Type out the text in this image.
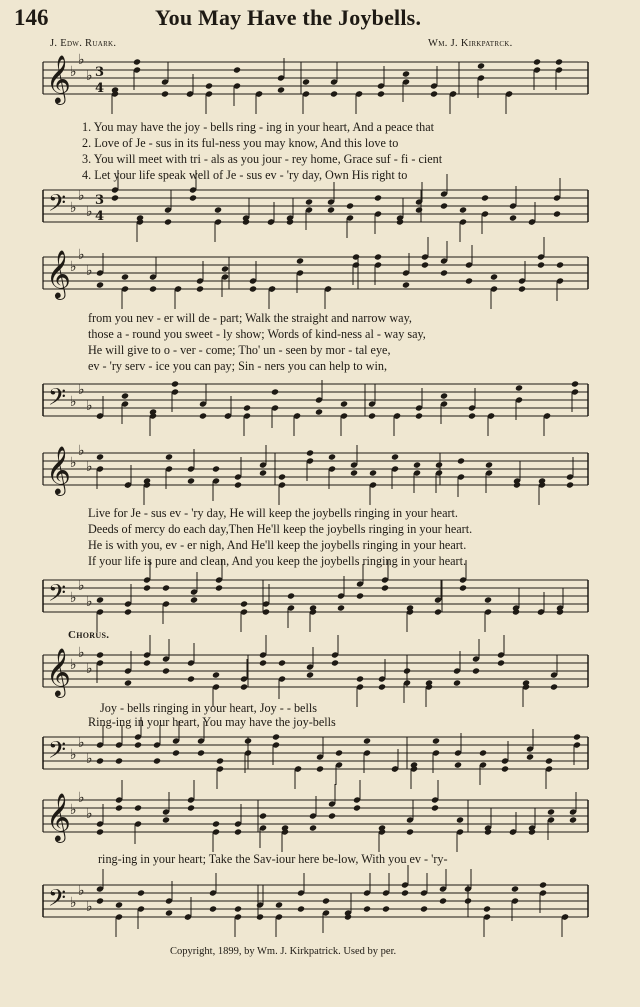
146	You May Have the Joybells.
J. Edw. Ruark.	Wm. J. Kirkpatrck.
𝄞 ♭
♭
♭ 3
4
𝄢 ♭
♭
♭
3
4
𝄞 ♭
♭
♭
𝄢 ♭
♭
♭
𝄞 ♭
♭
♭
𝄢 ♭
♭
♭
𝄞 ♭
♭
♭
𝄢 ♭
♭
♭
𝄞 ♭
♭
♭
𝄢 ♭
♭
♭
1. You may have the joy - bells ring - ing in your heart, And a peace that
2. Love of Je - sus in its ful-ness you may know, And this love to
3. You will meet with tri - als as you jour - rey home, Grace suf - fi - cient
4. Let your life speak well of Je - sus ev - 'ry day, Own His right to
from you nev - er will de - part; Walk the straight and narrow way,
those a - round you sweet - ly show; Words of kind-ness al - way say,
He will give to o - ver - come; Tho' un - seen by mor - tal eye,
ev - 'ry serv - ice you can pay; Sin - ners you can help to win,
Live for Je - sus ev - 'ry day, He will keep the joybells ringing in your heart.
Deeds of mercy do each day,Then He'll keep the joybells ringing in your heart.
He is with you, ev - er nigh, And He'll keep the joybells ringing in your heart.
If your life is pure and clean, And you keep the joybells ringing in your heart.
Chorus.
Joy - bells ringing in your heart, Joy - - bells
Ring-ing in your heart, You may have the joy-bells
ring-ing in your heart; Take the Sav-iour here be-low, With you ev - 'ry-
Copyright, 1899, by Wm. J. Kirkpatrick. Used by per.
